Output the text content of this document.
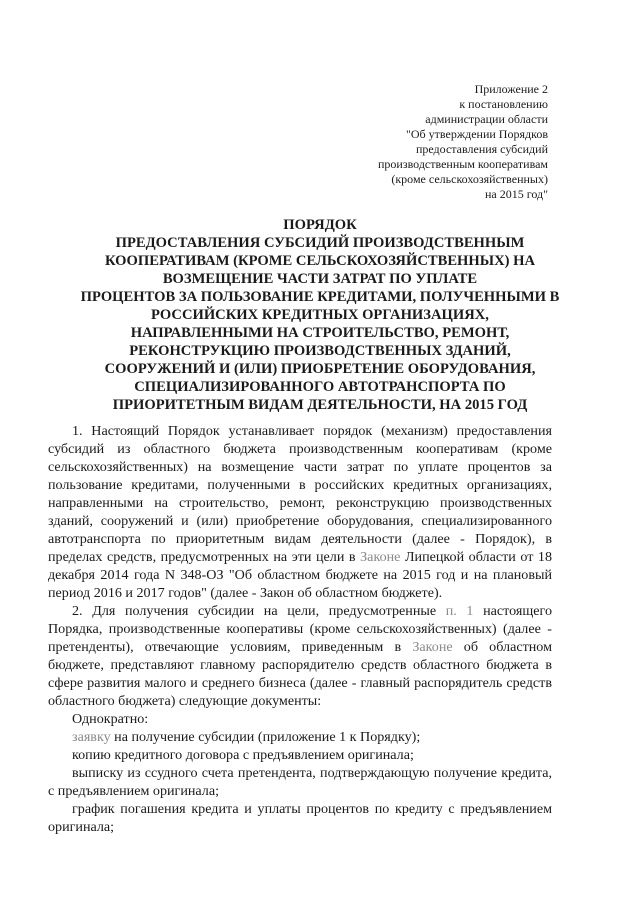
Приложение 2
к постановлению
администрации области
"Об утверждении Порядков
предоставления субсидий
производственным кооперативам
(кроме сельскохозяйственных)
на 2015 год"
ПОРЯДОК
ПРЕДОСТАВЛЕНИЯ СУБСИДИЙ ПРОИЗВОДСТВЕННЫМ
КООПЕРАТИВАМ (КРОМЕ СЕЛЬСКОХОЗЯЙСТВЕННЫХ) НА
ВОЗМЕЩЕНИЕ ЧАСТИ ЗАТРАТ ПО УПЛАТЕ
ПРОЦЕНТОВ ЗА ПОЛЬЗОВАНИЕ КРЕДИТАМИ, ПОЛУЧЕННЫМИ В
РОССИЙСКИХ КРЕДИТНЫХ ОРГАНИЗАЦИЯХ,
НАПРАВЛЕННЫМИ НА СТРОИТЕЛЬСТВО, РЕМОНТ,
РЕКОНСТРУКЦИЮ ПРОИЗВОДСТВЕННЫХ ЗДАНИЙ,
СООРУЖЕНИЙ И (ИЛИ) ПРИОБРЕТЕНИЕ ОБОРУДОВАНИЯ,
СПЕЦИАЛИЗИРОВАННОГО АВТОТРАНСПОРТА ПО
ПРИОРИТЕТНЫМ ВИДАМ ДЕЯТЕЛЬНОСТИ, НА 2015 ГОД

1. Настоящий Порядок устанавливает порядок (механизм) предоставления субсидий из областного бюджета производственным кооперативам (кроме сельскохозяйственных) на возмещение части затрат по уплате процентов за пользование кредитами, полученными в российских кредитных организациях, направленными на строительство, ремонт, реконструкцию производственных зданий, сооружений и (или) приобретение оборудования, специализированного автотранспорта по приоритетным видам деятельности (далее - Порядок), в пределах средств, предусмотренных на эти цели в Законе Липецкой области от 18 декабря 2014 года N 348-ОЗ "Об областном бюджете на 2015 год и на плановый период 2016 и 2017 годов" (далее - Закон об областном бюджете).

2. Для получения субсидии на цели, предусмотренные п. 1 настоящего Порядка, производственные кооперативы (кроме сельскохозяйственных) (далее - претенденты), отвечающие условиям, приведенным в Законе об областном бюджете, представляют главному распорядителю средств областного бюджета в сфере развития малого и среднего бизнеса (далее - главный распорядитель средств областного бюджета) следующие документы:

Однократно:

заявку на получение субсидии (приложение 1 к Порядку);

копию кредитного договора с предъявлением оригинала;

выписку из ссудного счета претендента, подтверждающую получение кредита, с предъявлением оригинала;

график погашения кредита и уплаты процентов по кредиту с предъявлением оригинала;
